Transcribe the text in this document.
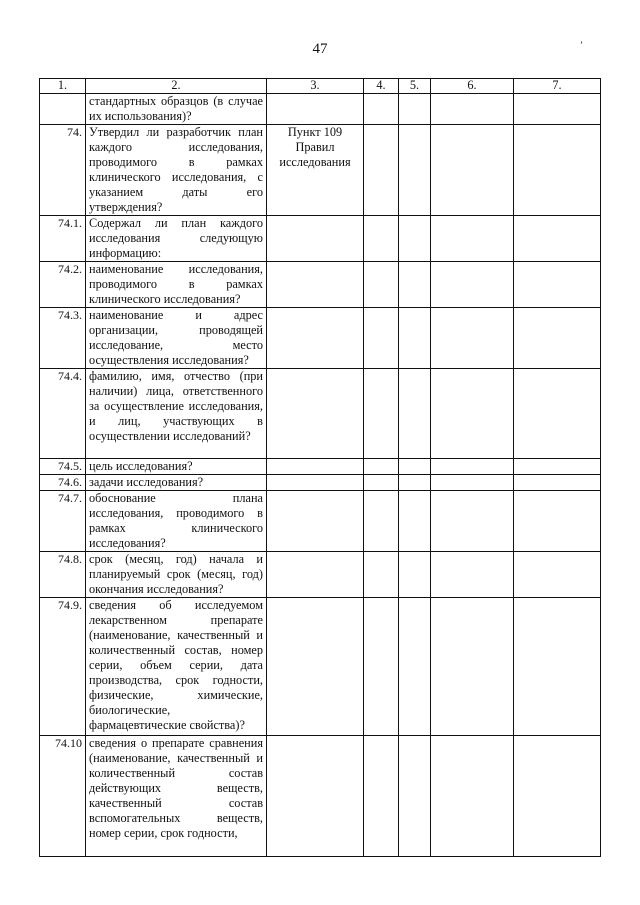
47	’
1.	2.	3.	4.	5.	6.	7.
	стандартных образцов (в случае их использования)?					
74.	Утвердил ли разработчик план каждого исследования, проводимого в рамках клинического исследования, с указанием даты его утверждения?	Пункт 109 Правил исследования				
74.1.	Содержал ли план каждого исследования следующую информацию:					
74.2.	наименование исследования, проводимого в рамках клинического исследования?					
74.3.	наименование и адрес организации, проводящей исследование, место осуществления исследования?					
74.4.	фамилию, имя, отчество (при наличии) лица, ответственного за осуществление исследования, и лиц, участвующих в осуществлении исследований?					
74.5.	цель исследования?					
74.6.	задачи исследования?					
74.7.	обоснование плана исследования, проводимого в рамках клинического исследования?					
74.8.	срок (месяц, год) начала и планируемый срок (месяц, год) окончания исследования?					
74.9.	сведения об исследуемом лекарственном препарате (наименование, качественный и количественный состав, номер серии, объем серии, дата производства, срок годности, физические, химические, биологические, фармацевтические свойства)?					
74.10	сведения о препарате сравнения (наименование, качественный и количественный состав действующих веществ, качественный состав вспомогательных веществ, номер серии, срок годности,					
